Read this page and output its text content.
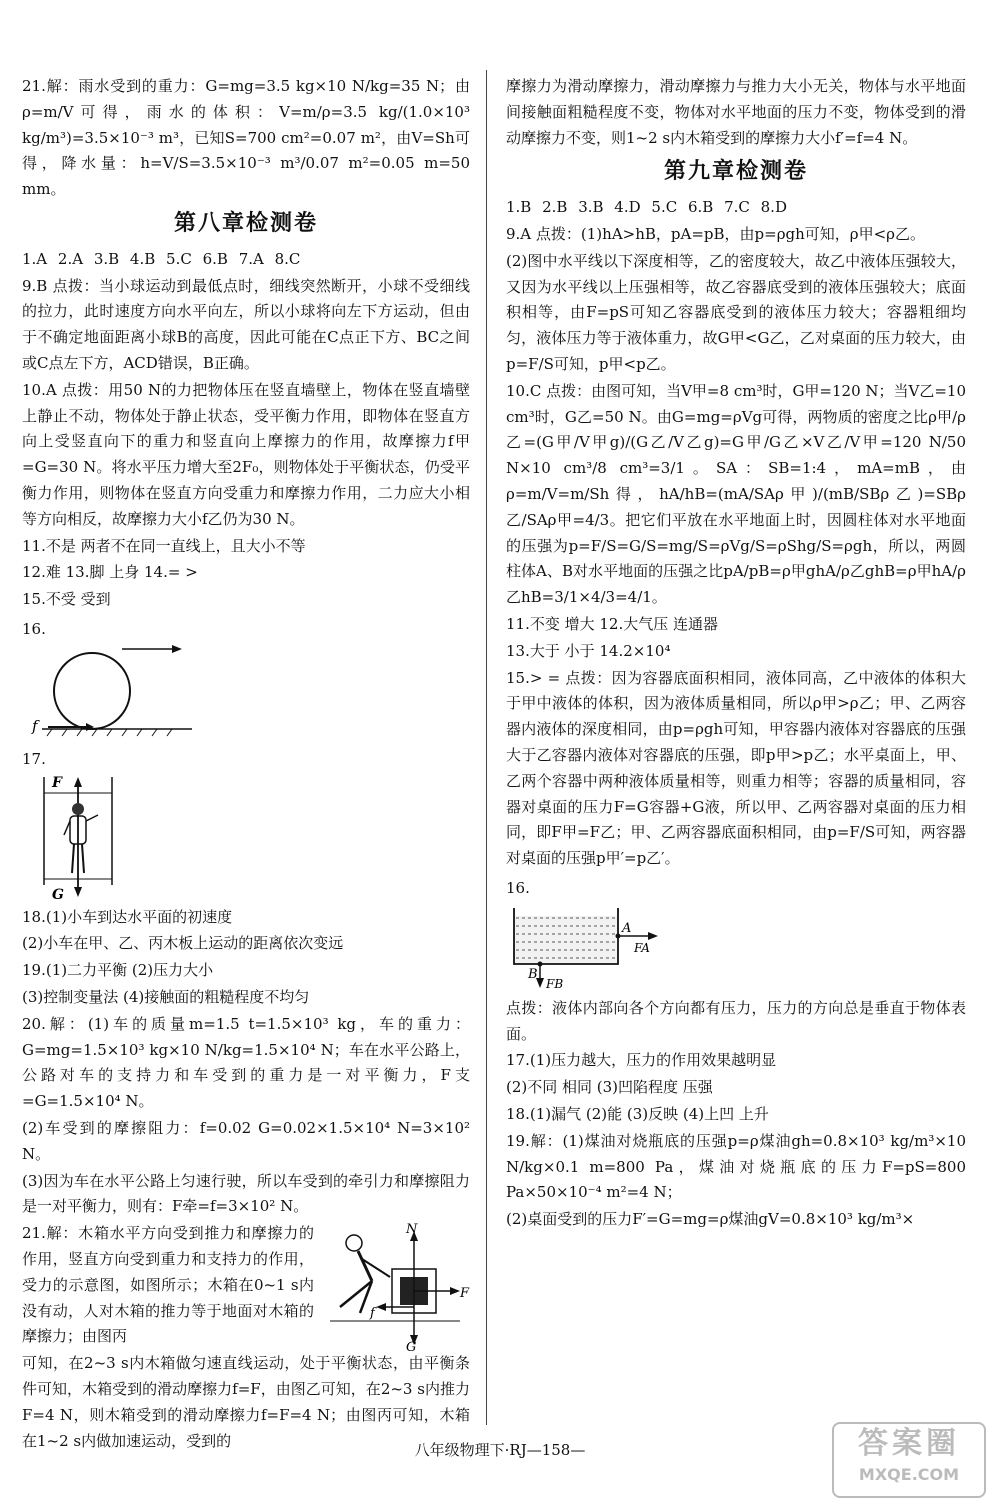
21.解：雨水受到的重力：G=mg=3.5 kg×10 N/kg=35 N；由ρ=m/V可得，雨水的体积：V=m/ρ=3.5 kg/(1.0×10³ kg/m³)=3.5×10⁻³ m³，已知S=700 cm²=0.07 m²，由V=Sh可得，降水量：h=V/S=3.5×10⁻³ m³/0.07 m²=0.05 m=50 mm。

第八章检测卷

1.A 2.A 3.B 4.B 5.C 6.B 7.A 8.C

9.B 点拨：当小球运动到最低点时，细线突然断开，小球不受细线的拉力，此时速度方向水平向左，所以小球将向左下方运动，但由于不确定地面距离小球B的高度，因此可能在C点正下方、BC之间或C点左下方，ACD错误，B正确。

10.A 点拨：用50 N的力把物体压在竖直墙壁上，物体在竖直墙壁上静止不动，物体处于静止状态，受平衡力作用，即物体在竖直方向上受竖直向下的重力和竖直向上摩擦力的作用，故摩擦力f甲=G=30 N。将水平压力增大至2F₀，则物体处于平衡状态，仍受平衡力作用，则物体在竖直方向受重力和摩擦力作用，二力应大小相等方向相反，故摩擦力大小f乙仍为30 N。

11.不是 两者不在同一直线上，且大小不等

12.难 13.脚 上身 14.= >

15.不受 受到

16.
f
17.
F
G

18.(1)小车到达水平面的初速度

(2)小车在甲、乙、丙木板上运动的距离依次变远

19.(1)二力平衡 (2)压力大小

(3)控制变量法 (4)接触面的粗糙程度不均匀

20.解：(1)车的质量m=1.5 t=1.5×10³ kg，车的重力：G=mg=1.5×10³ kg×10 N/kg=1.5×10⁴ N；车在水平公路上，公路对车的支持力和车受到的重力是一对平衡力，F支=G=1.5×10⁴ N。

(2)车受到的摩擦阻力：f=0.02 G=0.02×1.5×10⁴ N=3×10² N。

(3)因为车在水平公路上匀速行驶，所以车受到的牵引力和摩擦阻力是一对平衡力，则有：F牵=f=3×10² N。

21.解：木箱水平方向受到推力和摩擦力的作用，竖直方向受到重力和支持力的作用，受力的示意图，如图所示；木箱在0~1 s内没有动，人对木箱的推力等于地面对木箱的摩擦力；由图丙

N
F
f
G

可知，在2~3 s内木箱做匀速直线运动，处于平衡状态，由平衡条件可知，木箱受到的滑动摩擦力f=F，由图乙可知，在2~3 s内推力F=4 N，则木箱受到的滑动摩擦力f=F=4 N；由图丙可知，木箱在1~2 s内做加速运动，受到的

摩擦力为滑动摩擦力，滑动摩擦力与推力大小无关，物体与水平地面间接触面粗糙程度不变，物体对水平地面的压力不变，物体受到的滑动摩擦力不变，则1~2 s内木箱受到的摩擦力大小f′=f=4 N。

第九章检测卷

1.B 2.B 3.B 4.D 5.C 6.B 7.C 8.D

9.A 点拨：(1)hA>hB，pA=pB，由p=ρgh可知，ρ甲<ρ乙。

(2)图中水平线以下深度相等，乙的密度较大，故乙中液体压强较大，又因为水平线以上压强相等，故乙容器底受到的液体压强较大；底面积相等，由F=pS可知乙容器底受到的液体压力较大；容器粗细均匀，液体压力等于液体重力，故G甲<G乙，乙对桌面的压力较大，由p=F/S可知，p甲<p乙。

10.C 点拨：由图可知，当V甲=8 cm³时，G甲=120 N；当V乙=10 cm³时，G乙=50 N。由G=mg=ρVg可得，两物质的密度之比ρ甲/ρ乙=(G甲/V甲g)/(G乙/V乙g)=G甲/G乙×V乙/V甲=120 N/50 N×10 cm³/8 cm³=3/1。SA：SB=1:4，mA=mB，由ρ=m/V=m/Sh得，hA/hB=(mA/SAρ甲)/(mB/SBρ乙)=SBρ乙/SAρ甲=4/3。把它们平放在水平地面上时，因圆柱体对水平地面的压强为p=F/S=G/S=mg/S=ρVg/S=ρShg/S=ρgh，所以，两圆柱体A、B对水平地面的压强之比pA/pB=ρ甲ghA/ρ乙ghB=ρ甲hA/ρ乙hB=3/1×4/3=4/1。

11.不变 增大 12.大气压 连通器

13.大于 小于 14.2×10⁴

15.> = 点拨：因为容器底面积相同，液体同高，乙中液体的体积大于甲中液体的体积，因为液体质量相同，所以ρ甲>ρ乙；甲、乙两容器内液体的深度相同，由p=ρgh可知，甲容器内液体对容器底的压强大于乙容器内液体对容器底的压强，即p甲>p乙；水平桌面上，甲、乙两个容器中两种液体质量相等，则重力相等；容器的质量相同，容器对桌面的压力F=G容器+G液，所以甲、乙两容器对桌面的压力相同，即F甲=F乙；甲、乙两容器底面积相同，由p=F/S可知，两容器对桌面的压强p甲′=p乙′。

16.
A
FA
B
FB

点拨：液体内部向各个方向都有压力，压力的方向总是垂直于物体表面。

17.(1)压力越大，压力的作用效果越明显

(2)不同 相同 (3)凹陷程度 压强

18.(1)漏气 (2)能 (3)反映 (4)上凹 上升

19.解：(1)煤油对烧瓶底的压强p=ρ煤油gh=0.8×10³ kg/m³×10 N/kg×0.1 m=800 Pa，煤油对烧瓶底的压力F=pS=800 Pa×50×10⁻⁴ m²=4 N；

(2)桌面受到的压力F′=G=mg=ρ煤油gV=0.8×10³ kg/m³×

八年级物理下·RJ—158—	答案圈
MXQE.COM
